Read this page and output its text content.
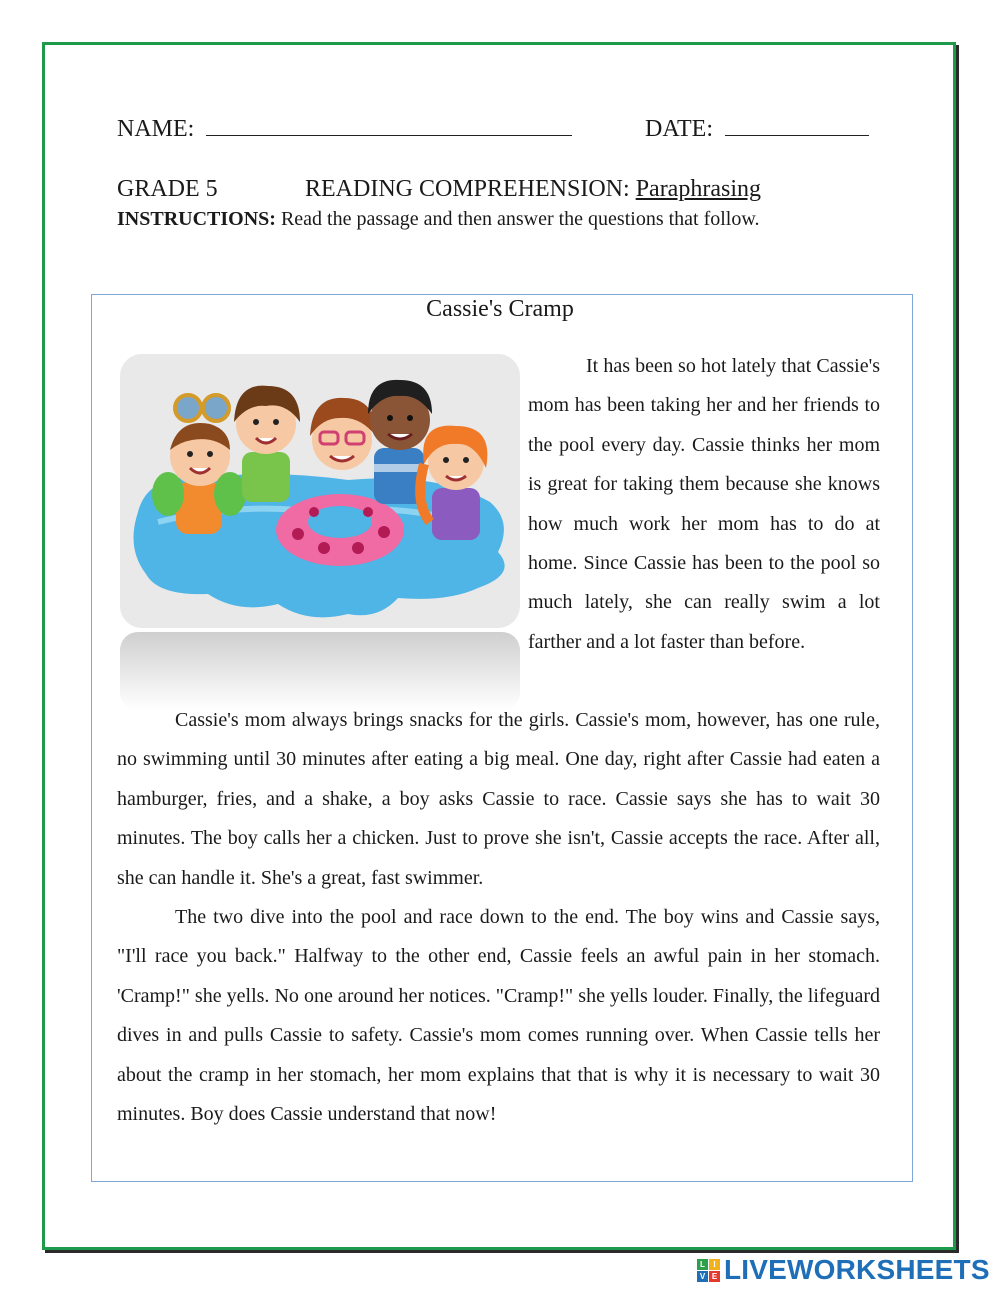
NAME:	DATE:
GRADE 5	READING COMPREHENSION: Paraphrasing
INSTRUCTIONS: Read the passage and then answer the questions that follow.
Cassie's Cramp
It has been so hot lately that Cassie's mom has been taking her and her friends to the pool every day. Cassie thinks her mom is great for taking them because she knows how much work her mom has to do at home. Since Cassie has been to the pool so much lately, she can really swim a lot farther and a lot faster than before.
Cassie's mom always brings snacks for the girls. Cassie's mom, however, has one rule, no swimming until 30 minutes after eating a big meal. One day, right after Cassie had eaten a hamburger, fries, and a shake, a boy asks Cassie to race. Cassie says she has to wait 30 minutes. The boy calls her a chicken. Just to prove she isn't, Cassie accepts the race. After all, she can handle it. She's a great, fast swimmer.
The two dive into the pool and race down to the end. The boy wins and Cassie says, "I'll race you back." Halfway to the other end, Cassie feels an awful pain in her stomach. 'Cramp!" she yells. No one around her notices. "Cramp!" she yells louder. Finally, the lifeguard dives in and pulls Cassie to safety. Cassie's mom comes running over. When Cassie tells her about the cramp in her stomach, her mom explains that that is why it is necessary to wait 30 minutes. Boy does Cassie understand that now!
L	I
V E LIVEWORKSHEETS
